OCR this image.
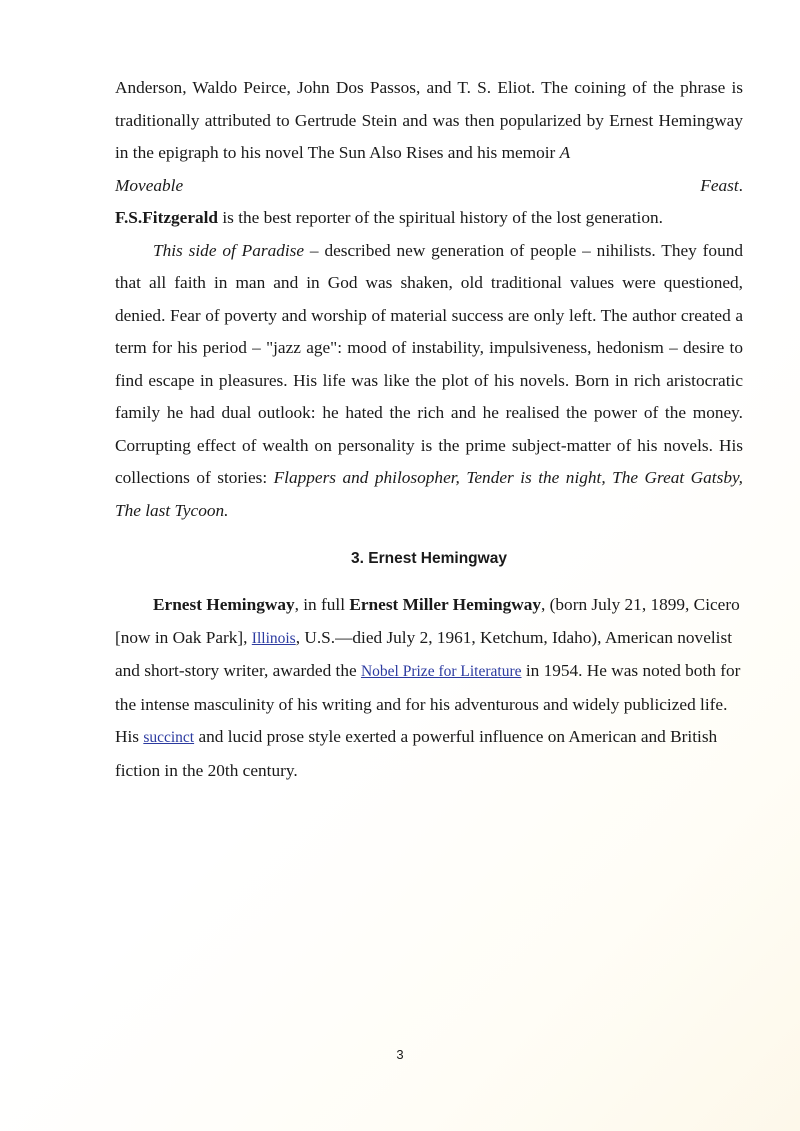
Anderson, Waldo Peirce, John Dos Passos, and T. S. Eliot. The coining of the phrase is traditionally attributed to Gertrude Stein and was then popularized by Ernest Hemingway in the epigraph to his novel The Sun Also Rises and his memoir A

Moveable	Feast.

F.S.Fitzgerald is the best reporter of the spiritual history of the lost generation.

This side of Paradise – described new generation of people – nihilists. They found that all faith in man and in God was shaken, old traditional values were questioned, denied. Fear of poverty and worship of material success are only left. The author created a term for his period – "jazz age": mood of instability, impulsiveness, hedonism – desire to find escape in pleasures. His life was like the plot of his novels. Born in rich aristocratic family he had dual outlook: he hated the rich and he realised the power of the money. Corrupting effect of wealth on personality is the prime subject-matter of his novels. His collections of stories: Flappers and philosopher, Tender is the night, The Great Gatsby, The last Tycoon.

3. Ernest Hemingway

Ernest Hemingway, in full Ernest Miller Hemingway, (born July 21, 1899, Cicero [now in Oak Park], Illinois, U.S.—died July 2, 1961, Ketchum, Idaho), American novelist and short-story writer, awarded the Nobel Prize for Literature in 1954. He was noted both for the intense masculinity of his writing and for his adventurous and widely publicized life. His succinct and lucid prose style exerted a powerful influence on American and British fiction in the 20th century.

3
